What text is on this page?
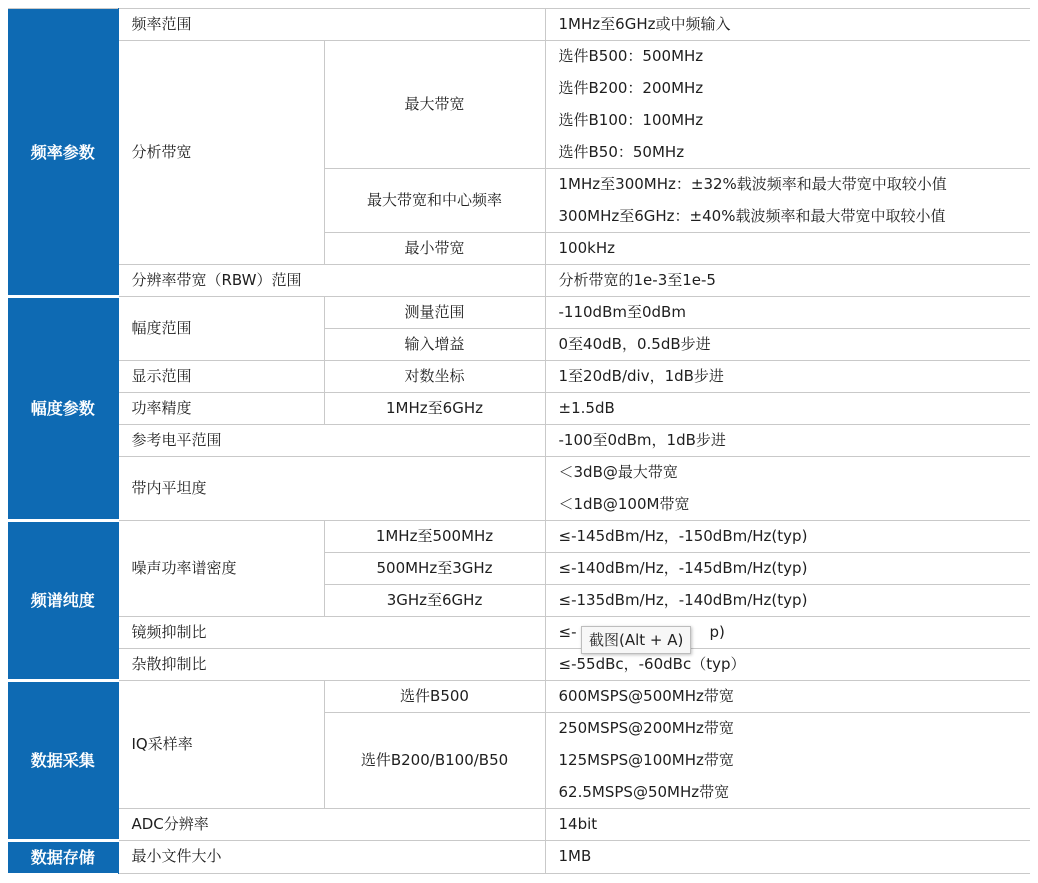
频率参数	频率范围		1MHz至6GHz或中频输入
	分析带宽	最大带宽	选件B500：500MHz
			选件B200：200MHz
			选件B100：100MHz
			选件B50：50MHz
		最大带宽和中心频率	1MHz至300MHz：±32%载波频率和最大带宽中取较小值
			300MHz至6GHz：±40%载波频率和最大带宽中取较小值
		最小带宽	100kHz
	分辨率带宽（RBW）范围		分析带宽的1e-3至1e-5
幅度参数	幅度范围	测量范围	-110dBm至0dBm
		输入增益	0至40dB，0.5dB步进
	显示范围	对数坐标	1至20dB/div，1dB步进
	功率精度	1MHz至6GHz	±1.5dB
	参考电平范围		-100至0dBm，1dB步进
	带内平坦度		＜3dB@最大带宽
			＜1dB@100M带宽
频谱纯度	噪声功率谱密度	1MHz至500MHz	≤-145dBm/Hz，-150dBm/Hz(typ)
		500MHz至3GHz	≤-140dBm/Hz，-145dBm/Hz(typ)
		3GHz至6GHz	≤-135dBm/Hz，-140dBm/Hz(typ)
	镜频抑制比		≤- p)
	杂散抑制比		≤-55dBc，-60dBc（typ）
数据采集	IQ采样率	选件B500	600MSPS@500MHz带宽
		选件B200/B100/B50	250MSPS@200MHz带宽
			125MSPS@100MHz带宽
			62.5MSPS@50MHz带宽
	ADC分辨率		14bit
数据存储	最小文件大小		1MB
截图(Alt + A)
